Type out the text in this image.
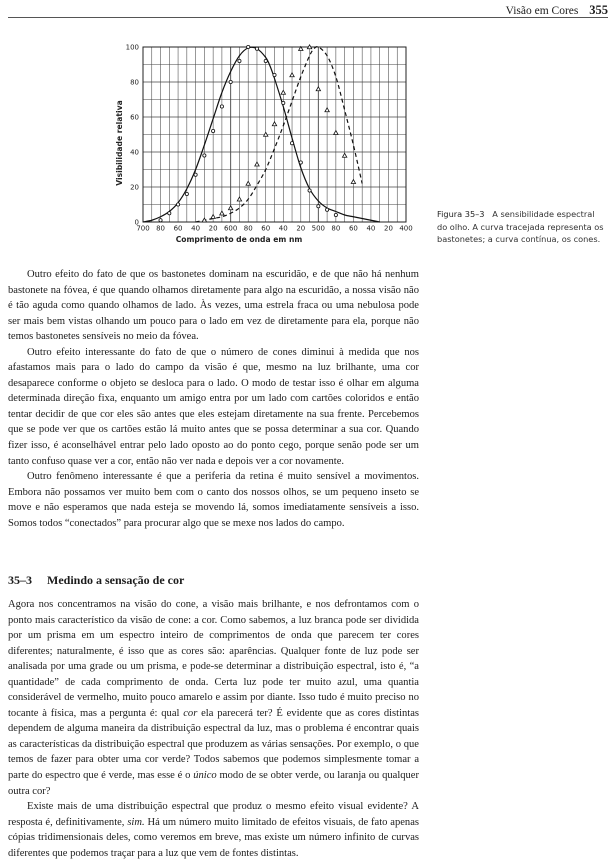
Visão em Cores 355
0
20
40
60
80
100
700 80 60 40 20 600 80 60 40 20 500 80 60 40 20 400
Visibilidade relativa
Comprimento de onda em nm
Figura 35–3 A sensibilidade espectral do olho. A curva tracejada representa os bastonetes; a curva contínua, os cones.

Outro efeito do fato de que os bastonetes dominam na escuridão, e de que não há nenhum bastonete na fóvea, é que quando olhamos diretamente para algo na escuridão, a nossa visão não é tão aguda como quando olhamos de lado. Às vezes, uma estrela fraca ou uma nebulosa pode ser mais bem vistas olhando um pouco para o lado em vez de diretamente para ela, porque não temos bastonetes sensíveis no meio da fóvea.

Outro efeito interessante do fato de que o número de cones diminui à medida que nos afastamos mais para o lado do campo da visão é que, mesmo na luz brilhante, uma cor desaparece conforme o objeto se desloca para o lado. O modo de testar isso é olhar em alguma determinada direção fixa, enquanto um amigo entra por um lado com cartões coloridos e então tentar decidir de que cor eles são antes que eles estejam diretamente na sua frente. Percebemos que se pode ver que os cartões estão lá muito antes que se possa determinar a sua cor. Quando fizer isso, é aconselhável entrar pelo lado oposto ao do ponto cego, porque senão pode ser um tanto confuso quase ver a cor, então não ver nada e depois ver a cor novamente.

Outro fenômeno interessante é que a periferia da retina é muito sensível a movimentos. Embora não possamos ver muito bem com o canto dos nossos olhos, se um pequeno inseto se move e não esperamos que nada esteja se movendo lá, somos imediatamente sensíveis a isso. Somos todos “conectados” para procurar algo que se mexe nos lados do campo.

35–3 Medindo a sensação de cor

Agora nos concentramos na visão do cone, a visão mais brilhante, e nos defrontamos com o ponto mais característico da visão de cone: a cor. Como sabemos, a luz branca pode ser dividida por um prisma em um espectro inteiro de comprimentos de onda que parecem ter cores diferentes; naturalmente, é isso que as cores são: aparências. Qualquer fonte de luz pode ser analisada por uma grade ou um prisma, e pode-se determinar a distribuição espectral, isto é, “a quantidade” de cada comprimento de onda. Certa luz pode ter muito azul, uma quantia considerável de vermelho, muito pouco amarelo e assim por diante. Isso tudo é muito preciso no tocante à física, mas a pergunta é: qual cor ela parecerá ter? É evidente que as cores distintas dependem de alguma maneira da distribuição espectral da luz, mas o problema é encontrar quais as características da distribuição espectral que produzem as várias sensações. Por exemplo, o que temos de fazer para obter uma cor verde? Todos sabemos que podemos simplesmente tomar a parte do espectro que é verde, mas esse é o único modo de se obter verde, ou laranja ou qualquer outra cor?

Existe mais de uma distribuição espectral que produz o mesmo efeito visual evidente? A resposta é, definitivamente, sim. Há um número muito limitado de efeitos visuais, de fato apenas cópias tridimensionais deles, como veremos em breve, mas existe um número infinito de curvas diferentes que podemos traçar para a luz que vem de fontes distintas.
